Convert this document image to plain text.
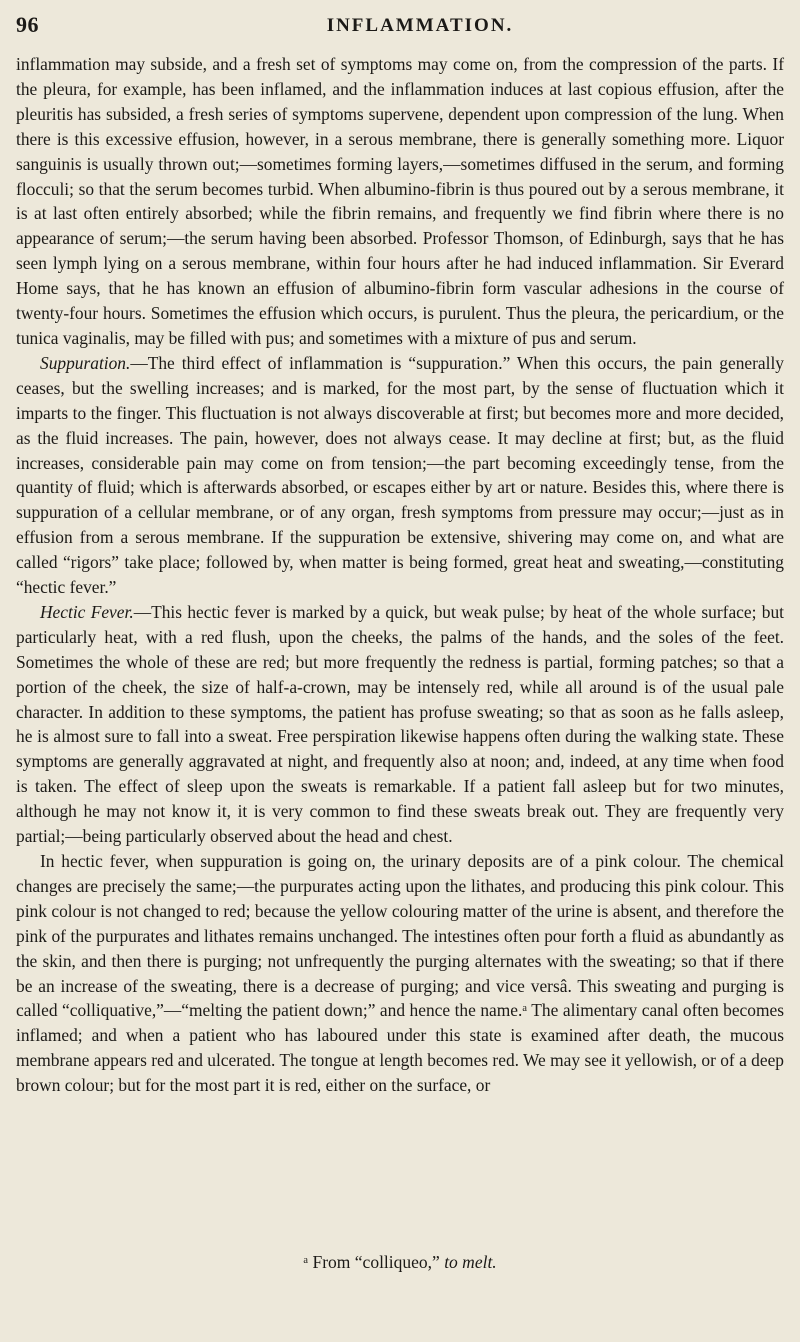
96	INFLAMMATION.

inflammation may subside, and a fresh set of symptoms may come on, from the compression of the parts. If the pleura, for example, has been inflamed, and the inflammation induces at last copious effusion, after the pleuritis has subsided, a fresh series of symptoms supervene, dependent upon compression of the lung. When there is this excessive effusion, however, in a serous membrane, there is generally something more. Liquor sanguinis is usually thrown out;—sometimes forming layers,—sometimes diffused in the serum, and forming flocculi; so that the serum becomes turbid. When albumino-fibrin is thus poured out by a serous membrane, it is at last often entirely absorbed; while the fibrin remains, and frequently we find fibrin where there is no appearance of serum;—the serum having been absorbed. Professor Thomson, of Edinburgh, says that he has seen lymph lying on a serous membrane, within four hours after he had induced inflammation. Sir Everard Home says, that he has known an effusion of albumino-fibrin form vascular adhesions in the course of twenty-four hours. Sometimes the effusion which occurs, is purulent. Thus the pleura, the pericardium, or the tunica vaginalis, may be filled with pus; and sometimes with a mixture of pus and serum.

Suppuration.—The third effect of inflammation is “suppuration.” When this occurs, the pain generally ceases, but the swelling increases; and is marked, for the most part, by the sense of fluctuation which it imparts to the finger. This fluctuation is not always discoverable at first; but becomes more and more decided, as the fluid increases. The pain, however, does not always cease. It may decline at first; but, as the fluid increases, considerable pain may come on from tension;—the part becoming exceedingly tense, from the quantity of fluid; which is afterwards absorbed, or escapes either by art or nature. Besides this, where there is suppuration of a cellular membrane, or of any organ, fresh symptoms from pressure may occur;—just as in effusion from a serous membrane. If the suppuration be extensive, shivering may come on, and what are called “rigors” take place; followed by, when matter is being formed, great heat and sweating,—constituting “hectic fever.”

Hectic Fever.—This hectic fever is marked by a quick, but weak pulse; by heat of the whole surface; but particularly heat, with a red flush, upon the cheeks, the palms of the hands, and the soles of the feet. Sometimes the whole of these are red; but more frequently the redness is partial, forming patches; so that a portion of the cheek, the size of half-a-crown, may be intensely red, while all around is of the usual pale character. In addition to these symptoms, the patient has profuse sweating; so that as soon as he falls asleep, he is almost sure to fall into a sweat. Free perspiration likewise happens often during the walking state. These symptoms are generally aggravated at night, and frequently also at noon; and, indeed, at any time when food is taken. The effect of sleep upon the sweats is remarkable. If a patient fall asleep but for two minutes, although he may not know it, it is very common to find these sweats break out. They are frequently very partial;—being particularly observed about the head and chest.

In hectic fever, when suppuration is going on, the urinary deposits are of a pink colour. The chemical changes are precisely the same;—the purpurates acting upon the lithates, and producing this pink colour. This pink colour is not changed to red; because the yellow colouring matter of the urine is absent, and therefore the pink of the purpurates and lithates remains unchanged. The intestines often pour forth a fluid as abundantly as the skin, and then there is purging; not unfrequently the purging alternates with the sweating; so that if there be an increase of the sweating, there is a decrease of purging; and vice versâ. This sweating and purging is called “colliquative,”—“melting the patient down;” and hence the name.ᵃ The alimentary canal often becomes inflamed; and when a patient who has laboured under this state is examined after death, the mucous membrane appears red and ulcerated. The tongue at length becomes red. We may see it yellowish, or of a deep brown colour; but for the most part it is red, either on the surface, or

ᵃ From “colliqueo,” to melt.
